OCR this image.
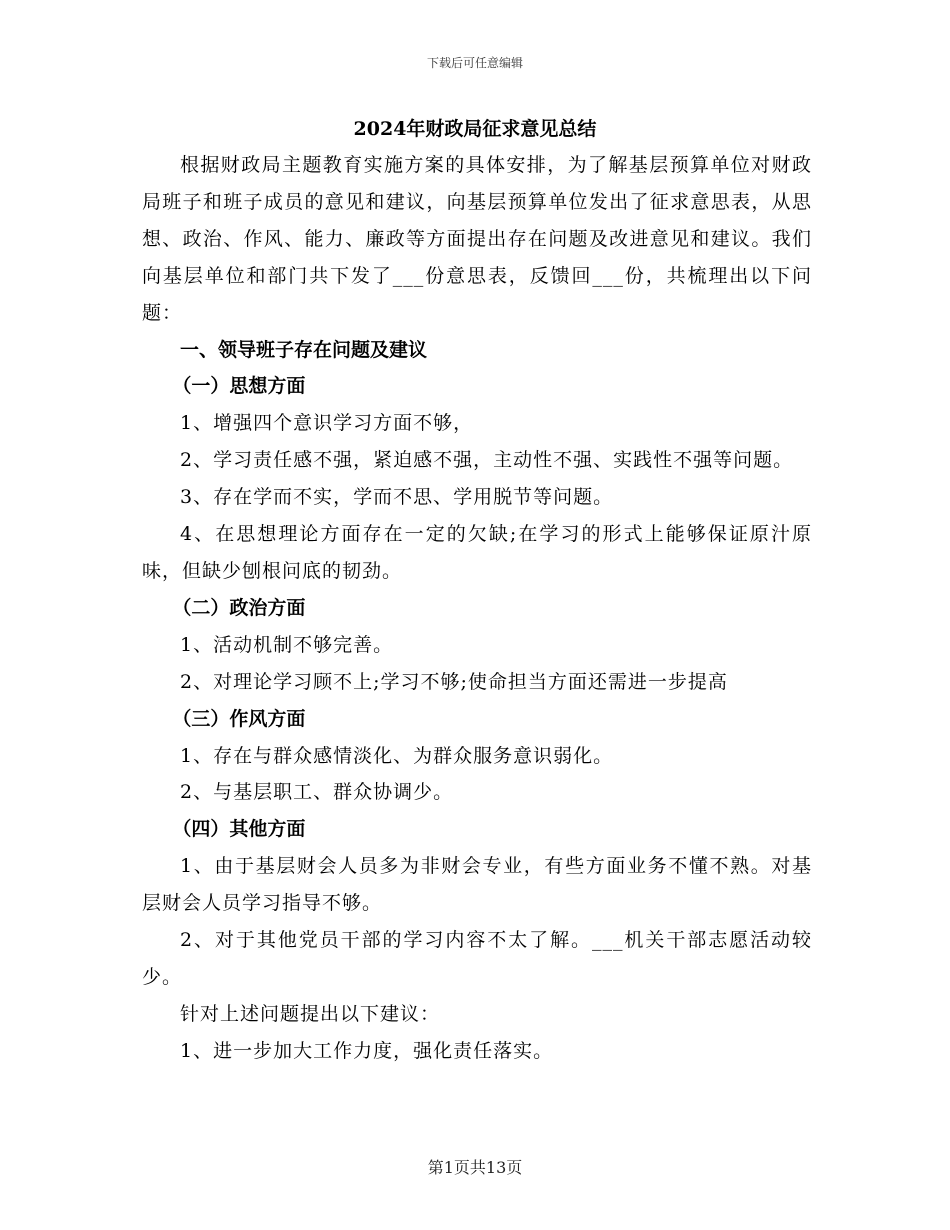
下载后可任意编辑
2024年财政局征求意见总结

根据财政局主题教育实施方案的具体安排，为了解基层预算单位对财政局班子和班子成员的意见和建议，向基层预算单位发出了征求意思表，从思想、政治、作风、能力、廉政等方面提出存在问题及改进意见和建议。我们向基层单位和部门共下发了___份意思表，反馈回___份，共梳理出以下问题：

一、领导班子存在问题及建议
（一）思想方面

1、增强四个意识学习方面不够，

2、学习责任感不强，紧迫感不强，主动性不强、实践性不强等问题。

3、存在学而不实，学而不思、学用脱节等问题。

4、在思想理论方面存在一定的欠缺;在学习的形式上能够保证原汁原味，但缺少刨根问底的韧劲。

（二）政治方面

1、活动机制不够完善。

2、对理论学习顾不上;学习不够;使命担当方面还需进一步提高

（三）作风方面

1、存在与群众感情淡化、为群众服务意识弱化。

2、与基层职工、群众协调少。

（四）其他方面

1、由于基层财会人员多为非财会专业，有些方面业务不懂不熟。对基层财会人员学习指导不够。

2、对于其他党员干部的学习内容不太了解。___机关干部志愿活动较少。

针对上述问题提出以下建议：

1、进一步加大工作力度，强化责任落实。

第1页共13页
